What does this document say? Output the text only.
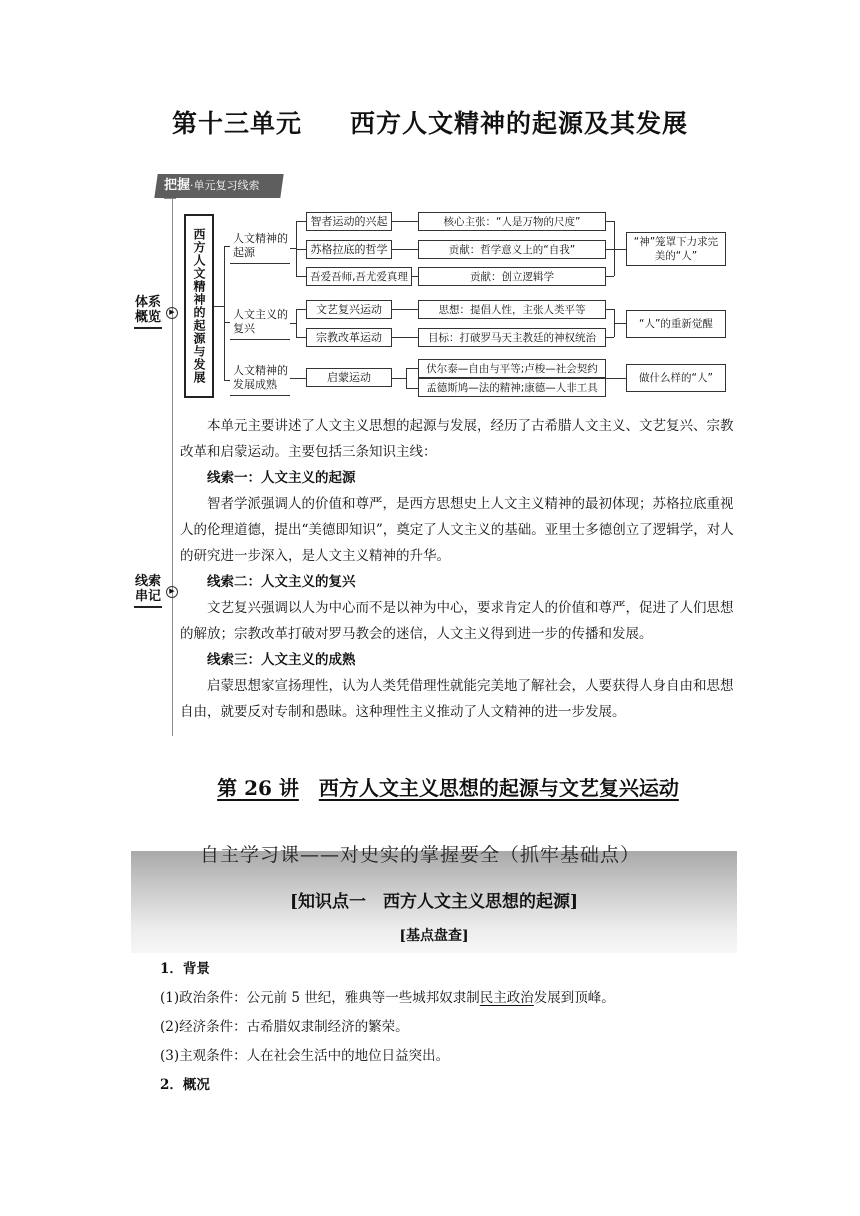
第十三单元 西方人文精神的起源及其发展
把握·单元复习线索
体系概览	▶
线索串记	▶
西方人文精神的起源与发展 人文精神的起源
人文主义的复兴
人文精神的发展成熟
智者运动的兴起
苏格拉底的哲学
吾爱吾师,吾尤爱真理
核心主张：“人是万物的尺度”
贡献：哲学意义上的“自我”
贡献：创立逻辑学
“神”笼罩下力求完美的“人”
文艺复兴运动
宗教改革运动
思想：提倡人性，主张人类平等
目标：打破罗马天主教廷的神权统治
“人”的重新觉醒
启蒙运动
伏尔泰—自由与平等;卢梭—社会契约
孟德斯鸠—法的精神;康德—人非工具
做什么样的“人”
本单元主要讲述了人文主义思想的起源与发展，经历了古希腊人文主义、文艺复兴、宗教改革和启蒙运动。主要包括三条知识主线：
线索一：人文主义的起源
智者学派强调人的价值和尊严，是西方思想史上人文主义精神的最初体现；苏格拉底重视人的伦理道德，提出“美德即知识”，奠定了人文主义的基础。亚里士多德创立了逻辑学，对人的研究进一步深入，是人文主义精神的升华。
线索二：人文主义的复兴
文艺复兴强调以人为中心而不是以神为中心，要求肯定人的价值和尊严，促进了人们思想的解放；宗教改革打破对罗马教会的迷信，人文主义得到进一步的传播和发展。
线索三：人文主义的成熟
启蒙思想家宣扬理性，认为人类凭借理性就能完美地了解社会，人要获得人身自由和思想自由，就要反对专制和愚昧。这种理性主义推动了人文精神的进一步发展。
第 26 讲 西方人文主义思想的起源与文艺复兴运动
自主学习课——对史实的掌握要全（抓牢基础点）
[知识点一　西方人文主义思想的起源]
[基点盘查]
1．背景
(1)政治条件：公元前 5 世纪，雅典等一些城邦奴隶制民主政治发展到顶峰。
(2)经济条件：古希腊奴隶制经济的繁荣。
(3)主观条件：人在社会生活中的地位日益突出。
2．概况
